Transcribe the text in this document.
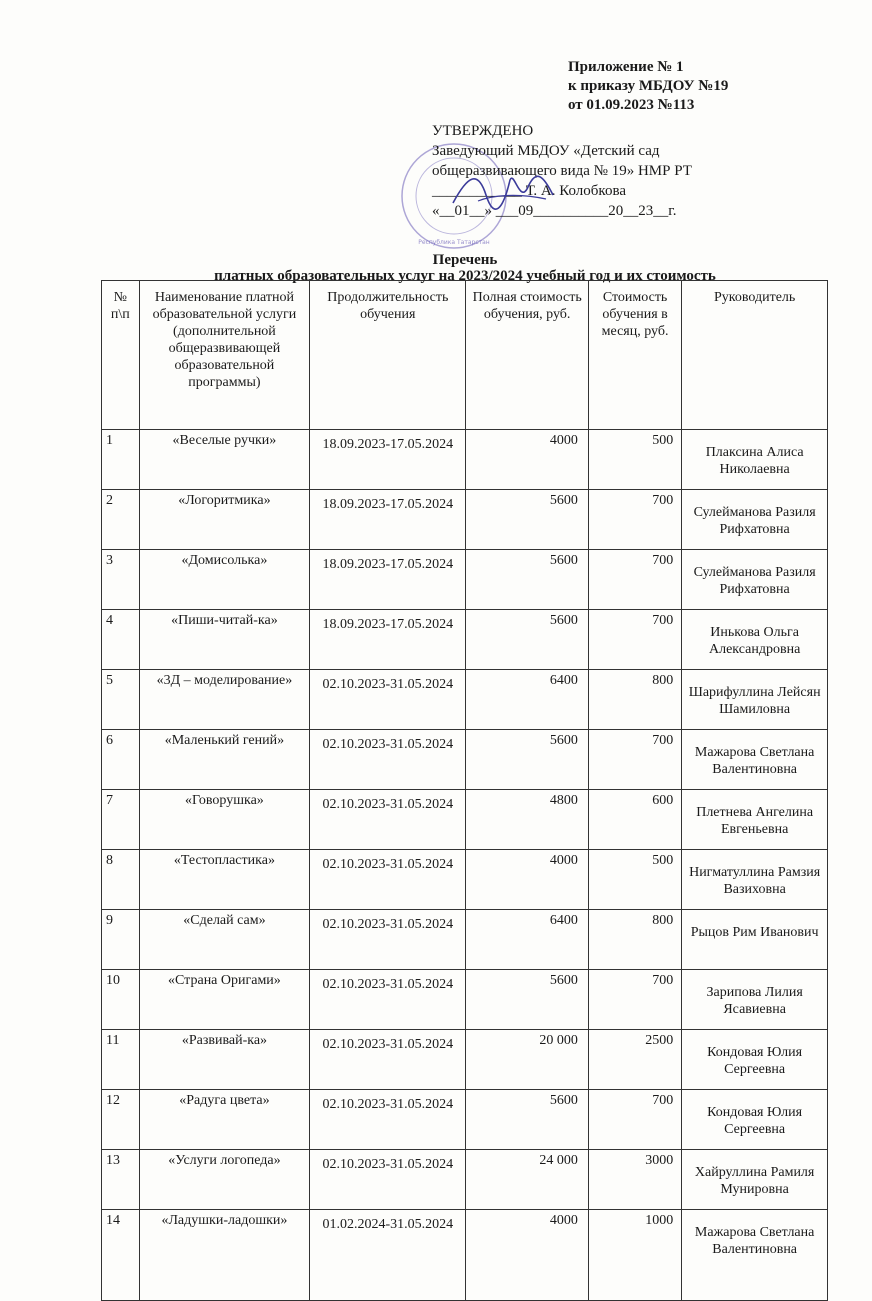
Приложение № 1
к приказу МБДОУ №19
от 01.09.2023 №113
Республика Татарстан
УТВЕРЖДЕНО
Заведующий МБДОУ «Детский сад
общеразвивающего вида № 19» НМР РТ
____________ Т. А. Колобкова
«__01__» ___09__________20__23__г.
Перечень
платных образовательных услуг на 2023/2024 учебный год и их стоимость
№ п\п	Наименование платной образовательной услуги (дополнительной общеразвивающей образовательной программы)	Продолжительность обучения	Полная стоимость обучения, руб.	Стоимость обучения в месяц, руб.	Руководитель
1	«Веселые ручки»	18.09.2023-17.05.2024	4000	500	Плаксина Алиса Николаевна
2	«Логоритмика»	18.09.2023-17.05.2024	5600	700	Сулейманова Разиля Рифхатовна
3	«Домисолька»	18.09.2023-17.05.2024	5600	700	Сулейманова Разиля Рифхатовна
4	«Пиши-читай-ка»	18.09.2023-17.05.2024	5600	700	Инькова Ольга Александровна
5	«3Д – моделирование»	02.10.2023-31.05.2024	6400	800	Шарифуллина Лейсян Шамиловна
6	«Маленький гений»	02.10.2023-31.05.2024	5600	700	Мажарова Светлана Валентиновна
7	«Говорушка»	02.10.2023-31.05.2024	4800	600	Плетнева Ангелина Евгеньевна
8	«Тестопластика»	02.10.2023-31.05.2024	4000	500	Нигматуллина Рамзия Вазиховна
9	«Сделай сам»	02.10.2023-31.05.2024	6400	800	Рыцов Рим Иванович
10	«Страна Оригами»	02.10.2023-31.05.2024	5600	700	Зарипова Лилия Ясавиевна
11	«Развивай-ка»	02.10.2023-31.05.2024	20 000	2500	Кондовая Юлия Сергеевна
12	«Радуга цвета»	02.10.2023-31.05.2024	5600	700	Кондовая Юлия Сергеевна
13	«Услуги логопеда»	02.10.2023-31.05.2024	24 000	3000	Хайруллина Рамиля Мунировна
14	«Ладушки-ладошки»	01.02.2024-31.05.2024	4000	1000	Мажарова Светлана Валентиновна
